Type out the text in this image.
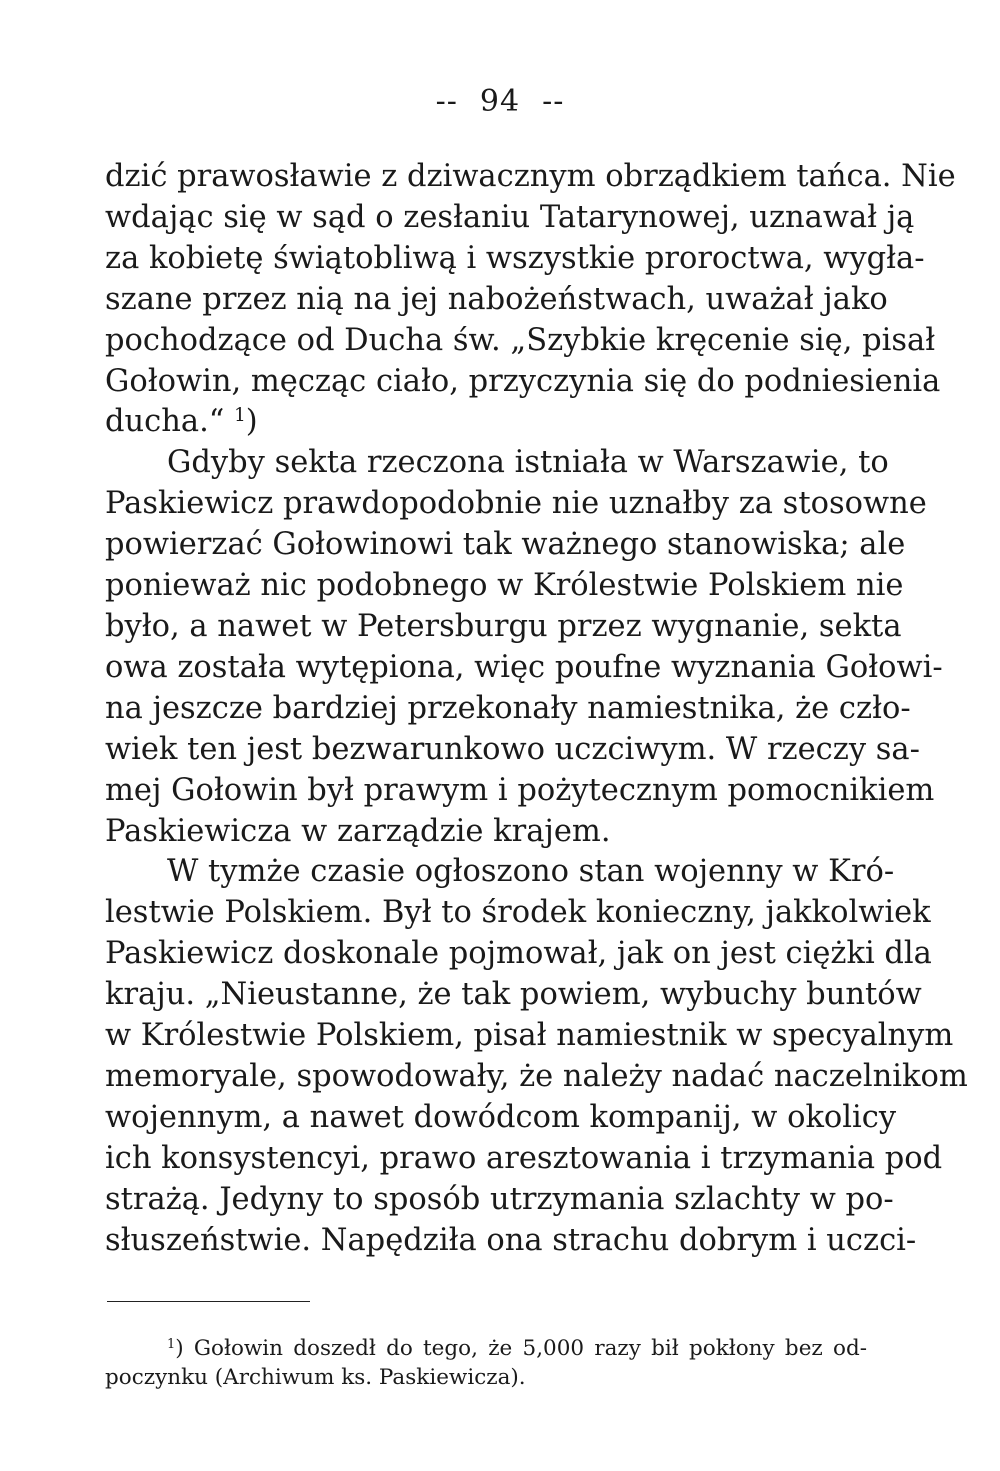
-- 94 --
dzić prawosławie z dziwacznym obrządkiem tańca. Nie
wdając się w sąd o zesłaniu Tatarynowej, uznawał ją
za kobietę świątobliwą i wszystkie proroctwa, wygła-
szane przez nią na jej nabożeństwach, uważał jako
pochodzące od Ducha św. „Szybkie kręcenie się, pisał
Gołowin, męcząc ciało, przyczynia się do podniesienia
ducha.“ $^1$)
Gdyby sekta rzeczona istniała w Warszawie, to
Paskiewicz prawdopodobnie nie uznałby za stosowne
powierzać Gołowinowi tak ważnego stanowiska; ale
ponieważ nic podobnego w Królestwie Polskiem nie
było, a nawet w Petersburgu przez wygnanie, sekta
owa została wytępiona, więc poufne wyznania Gołowi-
na jeszcze bardziej przekonały namiestnika, że czło-
wiek ten jest bezwarunkowo uczciwym. W rzeczy sa-
mej Gołowin był prawym i pożytecznym pomocnikiem
Paskiewicza w zarządzie krajem.
W tymże czasie ogłoszono stan wojenny w Kró-
lestwie Polskiem. Był to środek konieczny, jakkolwiek
Paskiewicz doskonale pojmował, jak on jest ciężki dla
kraju. „Nieustanne, że tak powiem, wybuchy buntów
w Królestwie Polskiem, pisał namiestnik w specyalnym
memoryale, spowodowały, że należy nadać naczelnikom
wojennym, a nawet dowódcom kompanij, w okolicy
ich konsystencyi, prawo aresztowania i trzymania pod
strażą. Jedyny to sposób utrzymania szlachty w po-
słuszeństwie. Napędziła ona strachu dobrym i uczci-
$^1$) Gołowin doszedł do tego, że 5,000 razy bił pokłony bez od-
poczynku (Archiwum ks. Paskiewicza).
